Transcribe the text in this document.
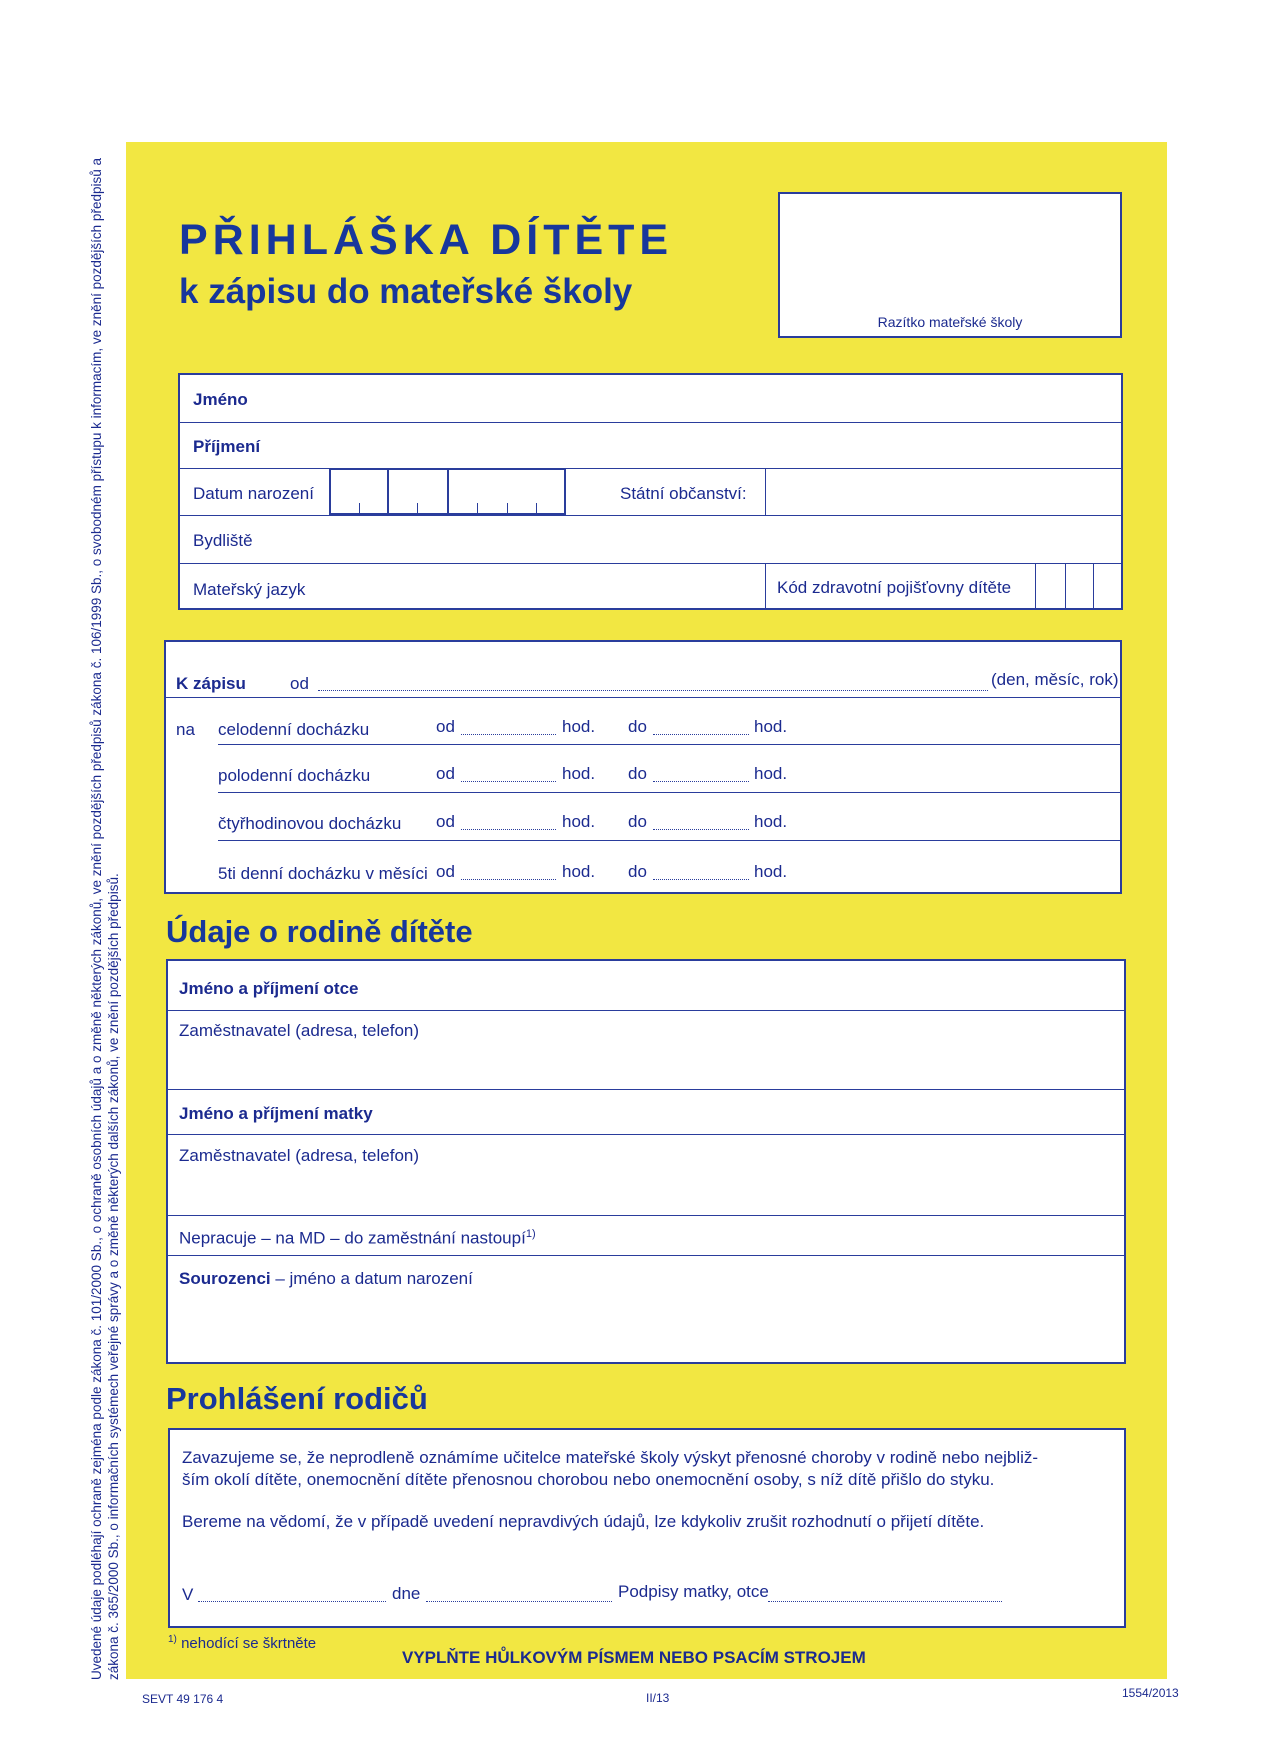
Uvedené údaje podléhají ochraně zejména podle zákona č. 101/2000 Sb., o ochraně osobních údajů a o změně některých zákonů, ve znění pozdějších předpisů zákona č. 106/1999 Sb., o svobodném přístupu k informacím, ve znění pozdějších předpisů a zákona č. 365/2000 Sb., o informačních systémech veřejné správy a o změně některých dalších zákonů, ve znění pozdějších předpisů.
PŘIHLÁŠKA DÍTĚTE
k zápisu do mateřské školy
Razítko mateřské školy
Jméno
Příjmení
Datum narození	Státní občanství:
Bydliště
Mateřský jazyk	Kód zdravotní pojišťovny dítěte
K zápisu	od	(den, měsíc, rok)
na celodenní docházku	od	hod. do	hod.
polodenní docházku	od	hod. do	hod.
čtyřhodinovou docházku od	hod. do	hod.
5ti denní docházku v měsíci od	hod. do	hod.
Údaje o rodině dítěte
Jméno a příjmení otce
Zaměstnavatel (adresa, telefon)
Jméno a příjmení matky
Zaměstnavatel (adresa, telefon)
Nepracuje – na MD – do zaměstnání nastoupí$^{1)}$
Sourozenci – jméno a datum narození
Prohlášení rodičů
Zavazujeme se, že neprodleně oznámíme učitelce mateřské školy výskyt přenosné choroby v rodině nebo nejbliž-
ším okolí dítěte, onemocnění dítěte přenosnou chorobou nebo onemocnění osoby, s níž dítě přišlo do styku.
Bereme na vědomí, že v případě uvedení nepravdivých údajů, lze kdykoliv zrušit rozhodnutí o přijetí dítěte.
V	dne	Podpisy matky, otce
$^{1)}$ nehodící se škrtněte
VYPLŇTE HŮLKOVÝM PÍSMEM NEBO PSACÍM STROJEM
SEVT 49 176 4	II/13	1554/2013
